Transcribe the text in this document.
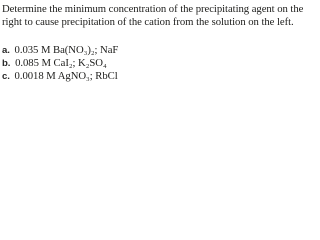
Determine the minimum concentration of the precipitating agent on the right to cause precipitation of the cation from the solution on the left.

a. 0.035 M Ba(NO₃)₂; NaF
b. 0.085 M CaI₂; K₂SO₄
c. 0.0018 M AgNO₃; RbCl
